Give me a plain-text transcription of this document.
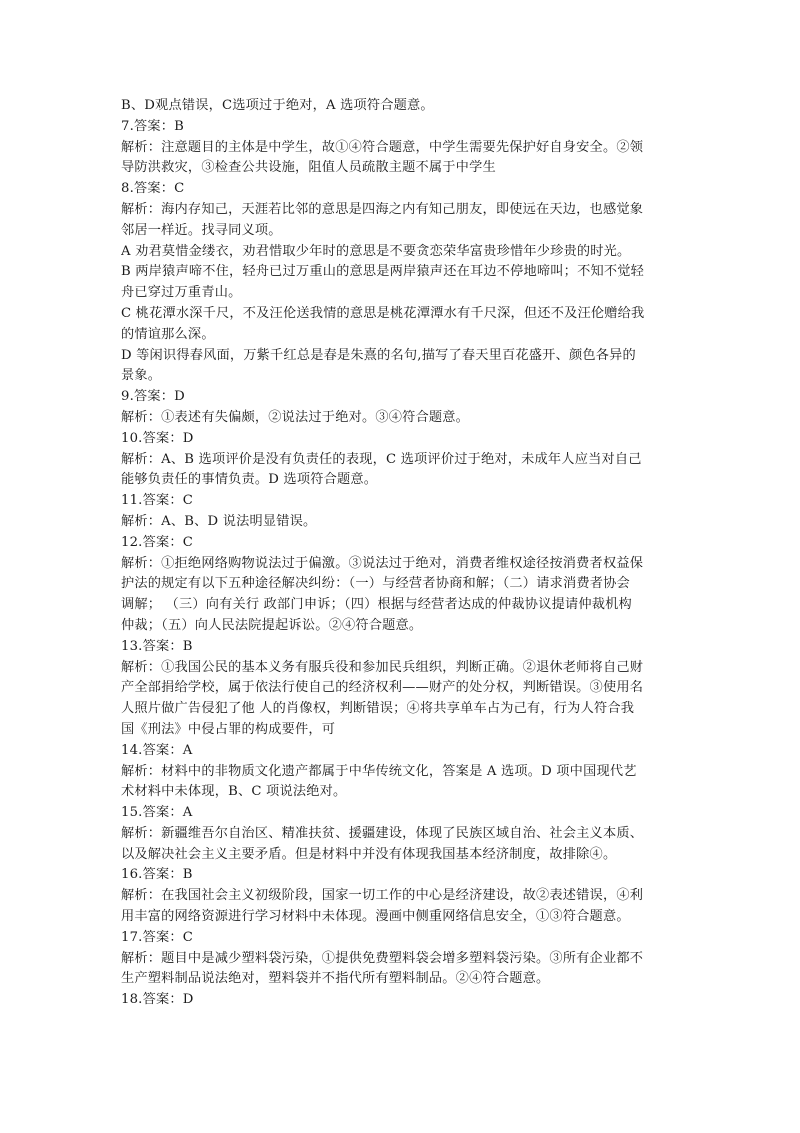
B、D观点错误，C选项过于绝对，A 选项符合题意。
7.答案：B
解析：注意题目的主体是中学生，故①④符合题意，中学生需要先保护好自身安全。②领
导防洪救灾，③检查公共设施，阻值人员疏散主题不属于中学生
8.答案：C
解析：海内存知己，天涯若比邻的意思是四海之内有知己朋友，即使远在天边，也感觉象
邻居一样近。找寻同义项。
A 劝君莫惜金缕衣，劝君惜取少年时的意思是不要贪恋荣华富贵珍惜年少珍贵的时光。
B 两岸猿声啼不住，轻舟已过万重山的意思是两岸猿声还在耳边不停地啼叫；不知不觉轻
舟已穿过万重青山。
C 桃花潭水深千尺，不及汪伦送我情的意思是桃花潭潭水有千尺深，但还不及汪伦赠给我
的情谊那么深。
D 等闲识得春风面，万紫千红总是春是朱熹的名句,描写了春天里百花盛开、颜色各异的
景象。
9.答案：D
解析：①表述有失偏颇，②说法过于绝对。③④符合题意。
10.答案：D
解析：A、B 选项评价是没有负责任的表现，C 选项评价过于绝对，未成年人应当对自己
能够负责任的事情负责。D 选项符合题意。
11.答案：C
解析：A、B、D 说法明显错误。
12.答案：C
解析：①拒绝网络购物说法过于偏激。③说法过于绝对，消费者维权途径按消费者权益保
护法的规定有以下五种途径解决纠纷：（一）与经营者协商和解；（二）请求消费者协会
调解； （三）向有关行 政部门申诉；（四）根据与经营者达成的仲裁协议提请仲裁机构
仲裁；（五）向人民法院提起诉讼。②④符合题意。
13.答案：B
解析：①我国公民的基本义务有服兵役和参加民兵组织，判断正确。②退休老师将自己财
产全部捐给学校，属于依法行使自己的经济权利——财产的处分权，判断错误。③使用名
人照片做广告侵犯了他 人的肖像权，判断错误；④将共享单车占为己有，行为人符合我
国《刑法》中侵占罪的构成要件，可
14.答案：A
解析：材料中的非物质文化遗产都属于中华传统文化，答案是 A 选项。D 项中国现代艺
术材料中未体现，B、C 项说法绝对。
15.答案：A
解析：新疆维吾尔自治区、精准扶贫、援疆建设，体现了民族区域自治、社会主义本质、
以及解决社会主义主要矛盾。但是材料中并没有体现我国基本经济制度，故排除④。
16.答案：B
解析：在我国社会主义初级阶段，国家一切工作的中心是经济建设，故②表述错误，④利
用丰富的网络资源进行学习材料中未体现。漫画中侧重网络信息安全，①③符合题意。
17.答案：C
解析：题目中是减少塑料袋污染，①提供免费塑料袋会增多塑料袋污染。③所有企业都不
生产塑料制品说法绝对，塑料袋并不指代所有塑料制品。②④符合题意。
18.答案：D
